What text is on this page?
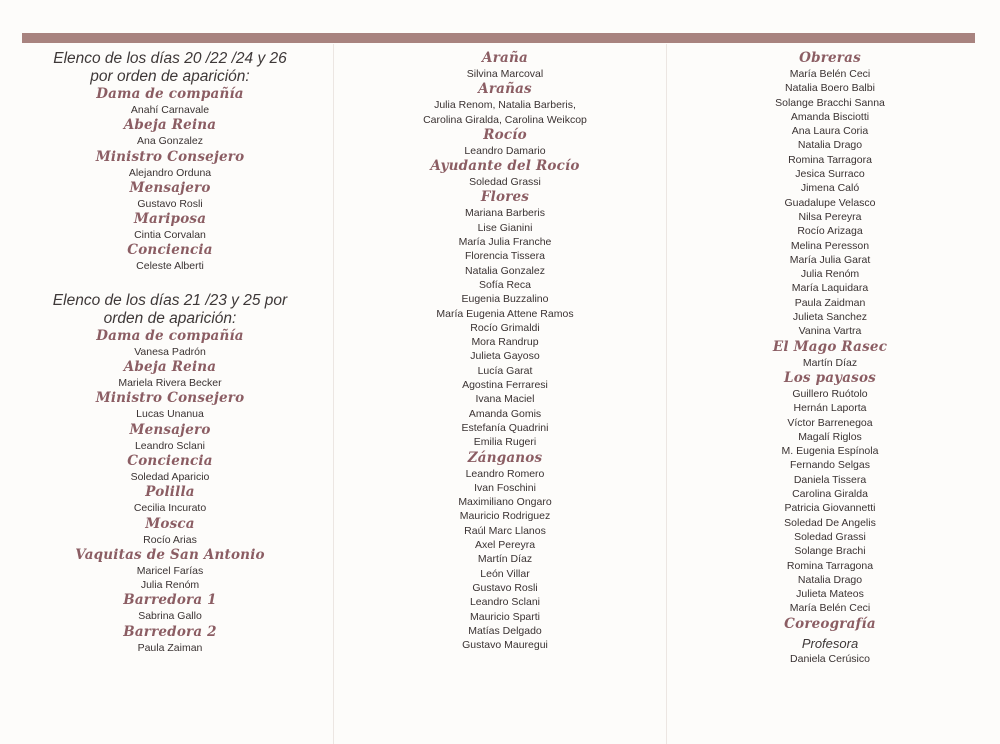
Elenco de los días 20 /22 /24 y 26 por orden de aparición:
Dama de compañía
Anahí Carnavale
Abeja Reina
Ana Gonzalez
Ministro Consejero
Alejandro Orduna
Mensajero
Gustavo Rosli
Mariposa
Cintia Corvalan
Conciencia
Celeste Alberti
Elenco de los días 21 /23 y 25 por orden de aparición:
Dama de compañía
Vanesa Padrón
Abeja Reina
Mariela Rivera Becker
Ministro Consejero
Lucas Unanua
Mensajero
Leandro Sclani
Conciencia
Soledad Aparicio
Polilla
Cecilia Incurato
Mosca
Rocío Arias
Vaquitas de San Antonio
Maricel Farías
Julia Renóm
Barredora 1
Sabrina Gallo
Barredora 2
Paula Zaiman
Araña
Silvina Marcoval
Arañas
Julia Renom, Natalia Barberis,
Carolina Giralda, Carolina Weikcop
Rocío
Leandro Damario
Ayudante del Rocío
Soledad Grassi
Flores
Mariana Barberis
Lise Gianini
María Julia Franche
Florencia Tissera
Natalia Gonzalez
Sofía Reca
Eugenia Buzzalino
María Eugenia Attene Ramos
Rocío Grimaldi
Mora Randrup
Julieta Gayoso
Lucía Garat
Agostina Ferraresi
Ivana Maciel
Amanda Gomis
Estefanía Quadrini
Emilia Rugeri
Zánganos
Leandro Romero
Ivan Foschini
Maximiliano Ongaro
Mauricio Rodriguez
Raúl Marc Llanos
Axel Pereyra
Martín Díaz
León Villar
Gustavo Rosli
Leandro Sclani
Mauricio Sparti
Matías Delgado
Gustavo Mauregui
Obreras
María Belén Ceci
Natalia Boero Balbi
Solange Bracchi Sanna
Amanda Bisciotti
Ana Laura Coria
Natalia Drago
Romina Tarragora
Jesica Surraco
Jimena Caló
Guadalupe Velasco
Nilsa Pereyra
Rocío Arizaga
Melina Peresson
María Julia Garat
Julia Renóm
María Laquidara
Paula Zaidman
Julieta Sanchez
Vanina Vartra
El Mago Rasec
Martín Díaz
Los payasos
Guillero Ruótolo
Hernán Laporta
Víctor Barrenegoa
Magalí Riglos
M. Eugenia Espínola
Fernando Selgas
Daniela Tissera
Carolina Giralda
Patricia Giovannetti
Soledad De Angelis
Soledad Grassi
Solange Brachi
Romina Tarragona
Natalia Drago
Julieta Mateos
María Belén Ceci
Coreografía
Profesora
Daniela Cerúsico
